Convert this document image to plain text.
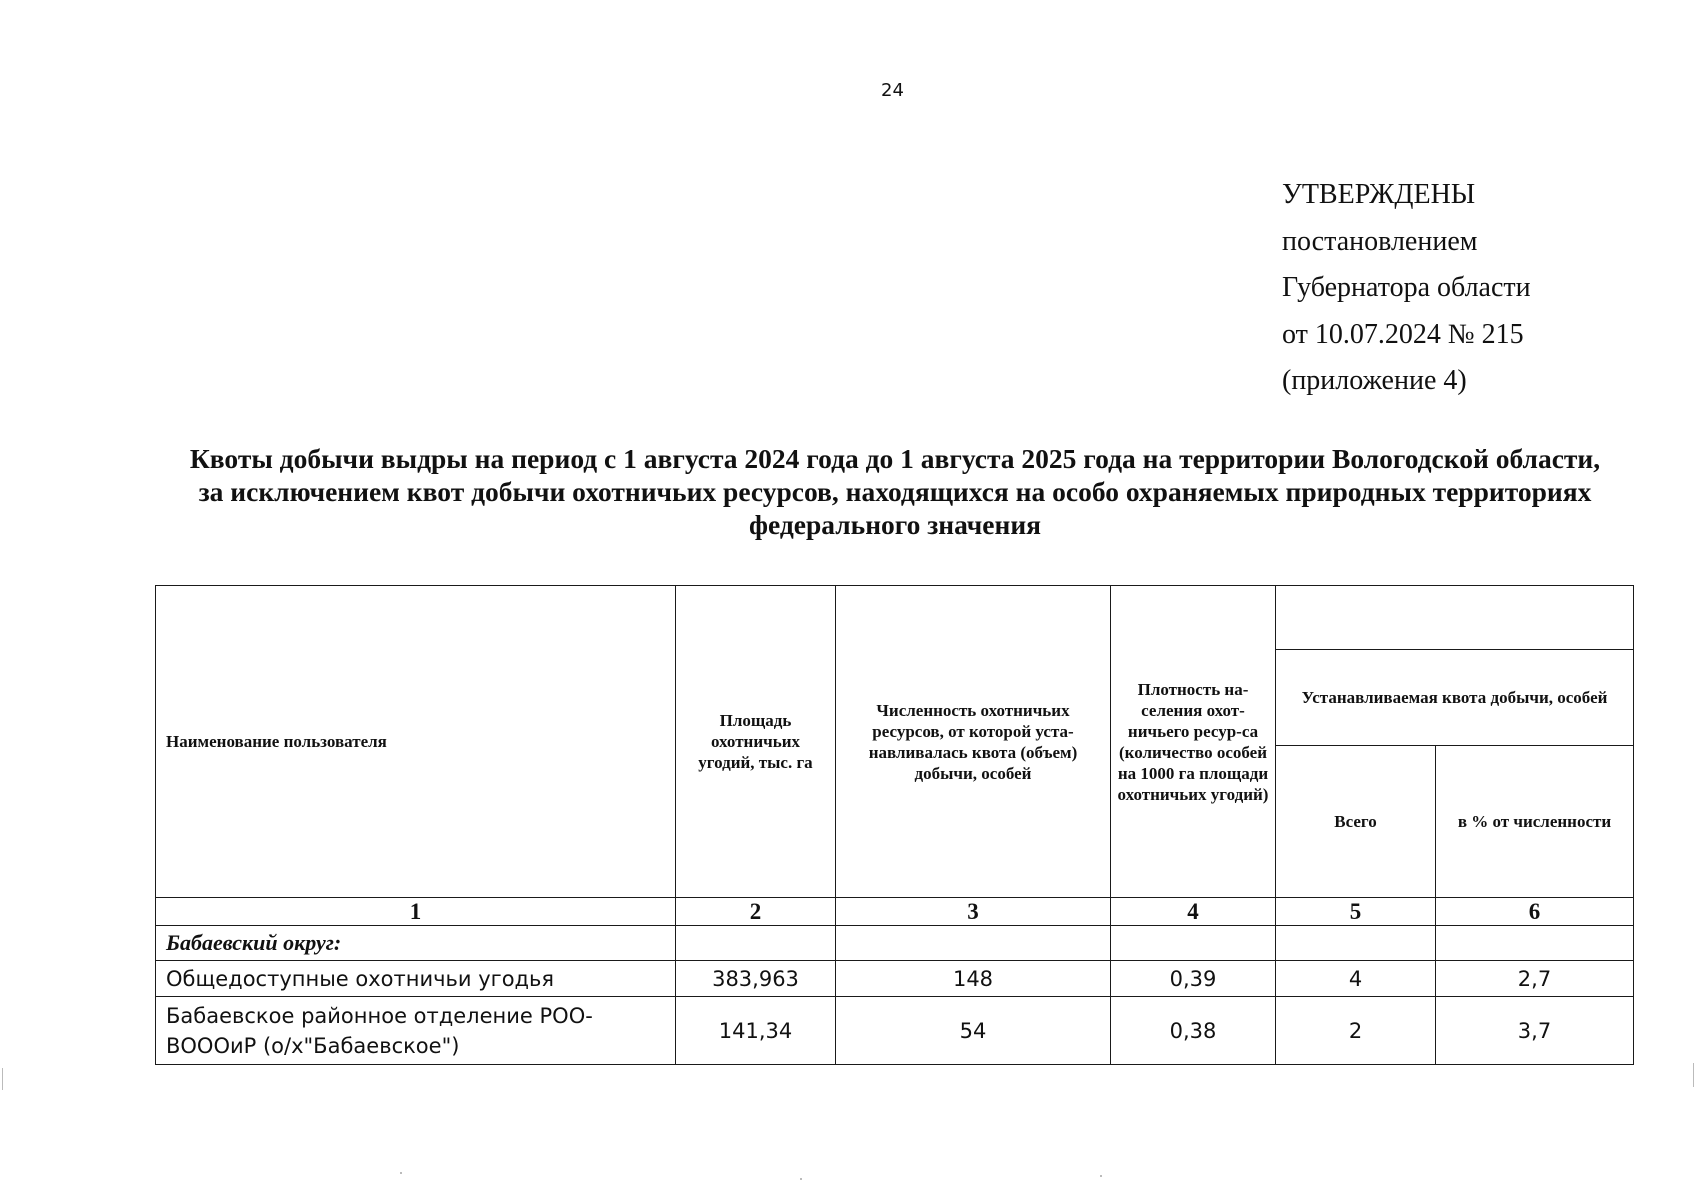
24
УТВЕРЖДЕНЫ
постановлением
Губернатора области
от 10.07.2024 № 215
(приложение 4)
Квоты добычи выдры на период с 1 августа 2024 года до 1 августа 2025 года на территории Вологодской области,
за исключением квот добычи охотничьих ресурсов, находящихся на особо охраняемых природных территориях
федерального значения
Наименование пользователя	Площадь охотничьих угодий, тыс. га	Численность охотничьих ресурсов, от которой уста-навливалась квота (объем) добычи, особей	Плотность на-селения охот-ничьего ресур-са (количество особей на 1000 га площади охотничьих угодий)		
				Устанавливаемая квота добычи, особей	
				Всего	в % от численности
1	2	3	4	5	6
Бабаевский округ:					
Общедоступные охотничьи угодья	383,963	148	0,39	4	2,7
Бабаевское районное отделение РОО-ВОООиР (о/х"Бабаевское")	141,34	54	0,38	2	3,7
